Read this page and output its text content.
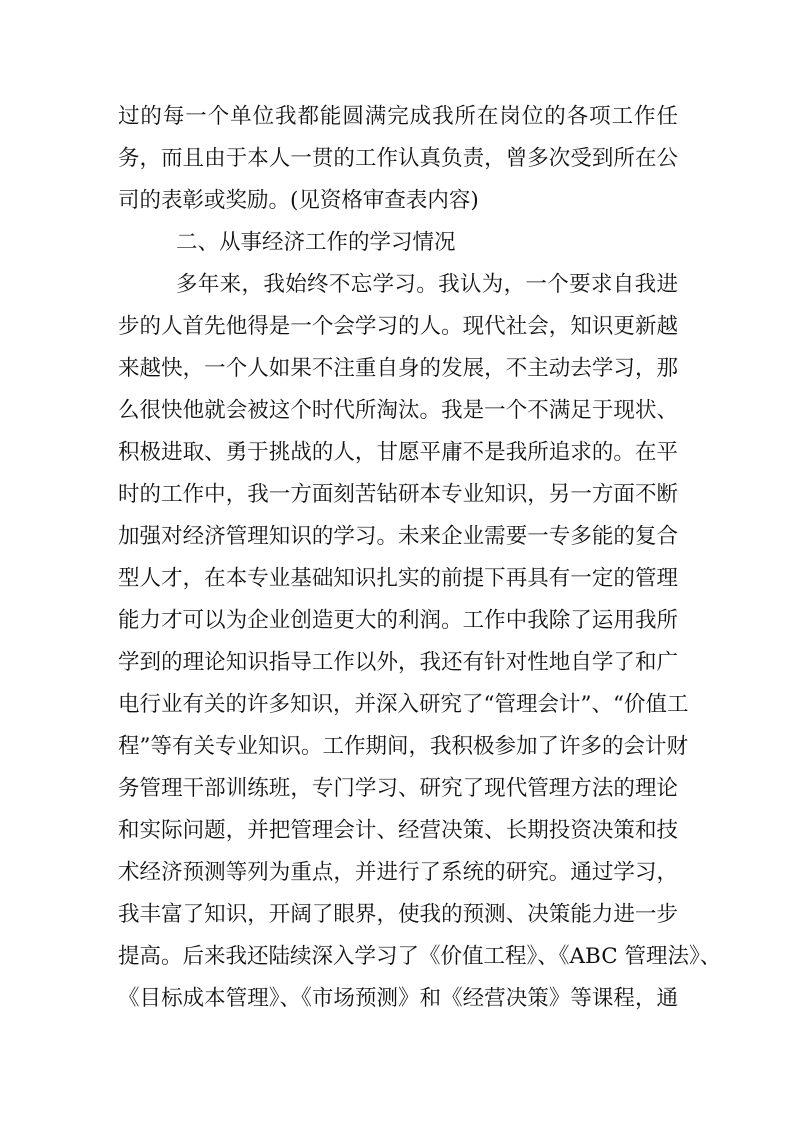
过的每一个单位我都能圆满完成我所在岗位的各项工作任
务，而且由于本人一贯的工作认真负责，曾多次受到所在公
司的表彰或奖励。(见资格审查表内容)
二、从事经济工作的学习情况
多年来，我始终不忘学习。我认为，一个要求自我进
步的人首先他得是一个会学习的人。现代社会，知识更新越
来越快，一个人如果不注重自身的发展，不主动去学习，那
么很快他就会被这个时代所淘汰。我是一个不满足于现状、
积极进取、勇于挑战的人，甘愿平庸不是我所追求的。在平
时的工作中，我一方面刻苦钻研本专业知识，另一方面不断
加强对经济管理知识的学习。未来企业需要一专多能的复合
型人才，在本专业基础知识扎实的前提下再具有一定的管理
能力才可以为企业创造更大的利润。工作中我除了运用我所
学到的理论知识指导工作以外，我还有针对性地自学了和广
电行业有关的许多知识，并深入研究了“管理会计”、“价值工
程”等有关专业知识。工作期间，我积极参加了许多的会计财
务管理干部训练班，专门学习、研究了现代管理方法的理论
和实际问题，并把管理会计、经营决策、长期投资决策和技
术经济预测等列为重点，并进行了系统的研究。通过学习，
我丰富了知识，开阔了眼界，使我的预测、决策能力进一步
提高。后来我还陆续深入学习了《价值工程》、《ABC 管理法》、
《目标成本管理》、《市场预测》和《经营决策》等课程，通
